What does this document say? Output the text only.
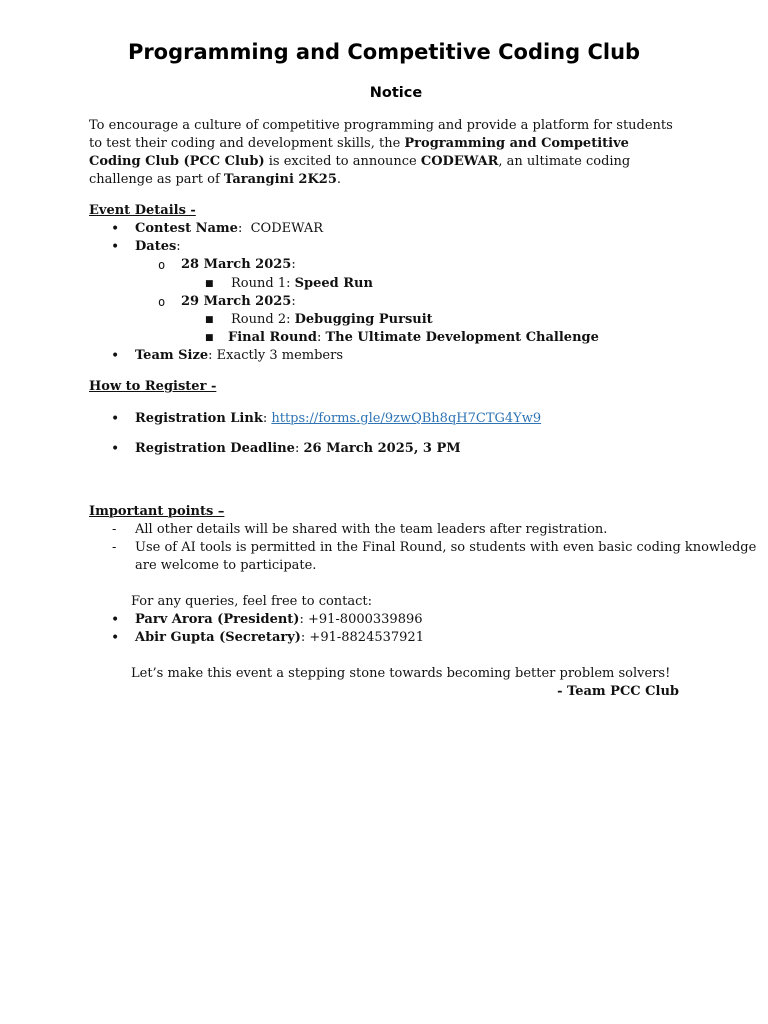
Programming and Competitive Coding Club
Notice
To encourage a culture of competitive programming and provide a platform for students to test their coding and development skills, the Programming and Competitive Coding Club (PCC Club) is excited to announce CODEWAR, an ultimate coding challenge as part of Tarangini 2K25.
Event Details -
• Contest Name:  CODEWAR
• Dates:
o 28 March 2025:
■ Round 1: Speed Run
o 29 March 2025:
■ Round 2: Debugging Pursuit
■ Final Round: The Ultimate Development Challenge
• Team Size: Exactly 3 members
How to Register -
• Registration Link: https://forms.gle/9zwQBh8qH7CTG4Yw9
• Registration Deadline: 26 March 2025, 3 PM
Important points –
- All other details will be shared with the team leaders after registration.
- Use of AI tools is permitted in the Final Round, so students with even basic coding knowledge
are welcome to participate.
For any queries, feel free to contact:
• Parv Arora (President): +91-8000339896
• Abir Gupta (Secretary): +91-8824537921
Let’s make this event a stepping stone towards becoming better problem solvers!
- Team PCC Club
